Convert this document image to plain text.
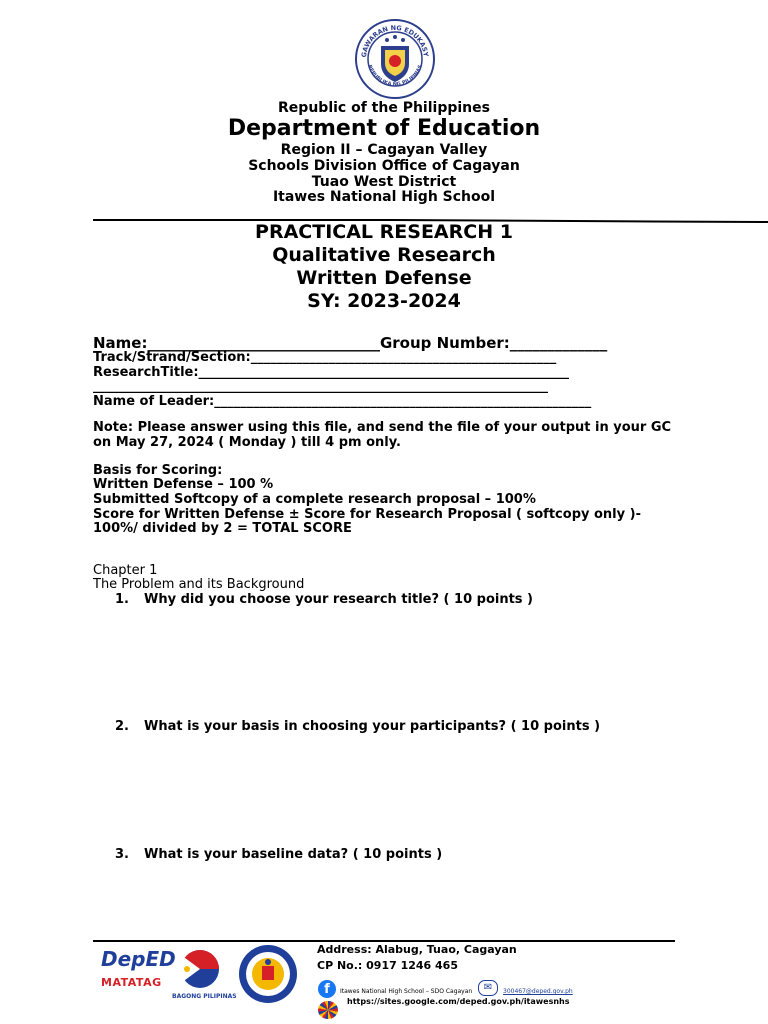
GAWARAN NG EDUKASY
REPUBLIKA NG PILIPINAS
Republic of the Philippines
Department of Education
Region II – Cagayan Valley
Schools Division Office of Cagayan
Tuao West District
Itawes National High School
PRACTICAL RESEARCH 1
Qualitative Research
Written Defense
SY: 2023-2024
Name:_______________________________Group Number:_____________
Track/Strand/Section:_______________________________________________
ResearchTitle:_________________________________________________________
______________________________________________________________________
Name of Leader:__________________________________________________________
Note: Please answer using this file, and send the file of your output in your GC
on May 27, 2024 ( Monday ) till 4 pm only.
Basis for Scoring:
Written Defense – 100 %
Submitted Softcopy of a complete research proposal – 100%
Score for Written Defense ± Score for Research Proposal ( softcopy only )-
100%/ divided by 2 = TOTAL SCORE
Chapter 1
The Problem and its Background
1. Why did you choose your research title? ( 10 points )
2. What is your basis in choosing your participants? ( 10 points )
3. What is your baseline data? ( 10 points )
DepED
MATATAG
BAGONG PILIPINAS
Address: Alabug, Tuao, Cagayan
CP No.: 0917 1246 465
f	Itawes National High School – SDO Cagayan	✉	300467@deped.gov.ph
https://sites.google.com/deped.gov.ph/itawesnhs
